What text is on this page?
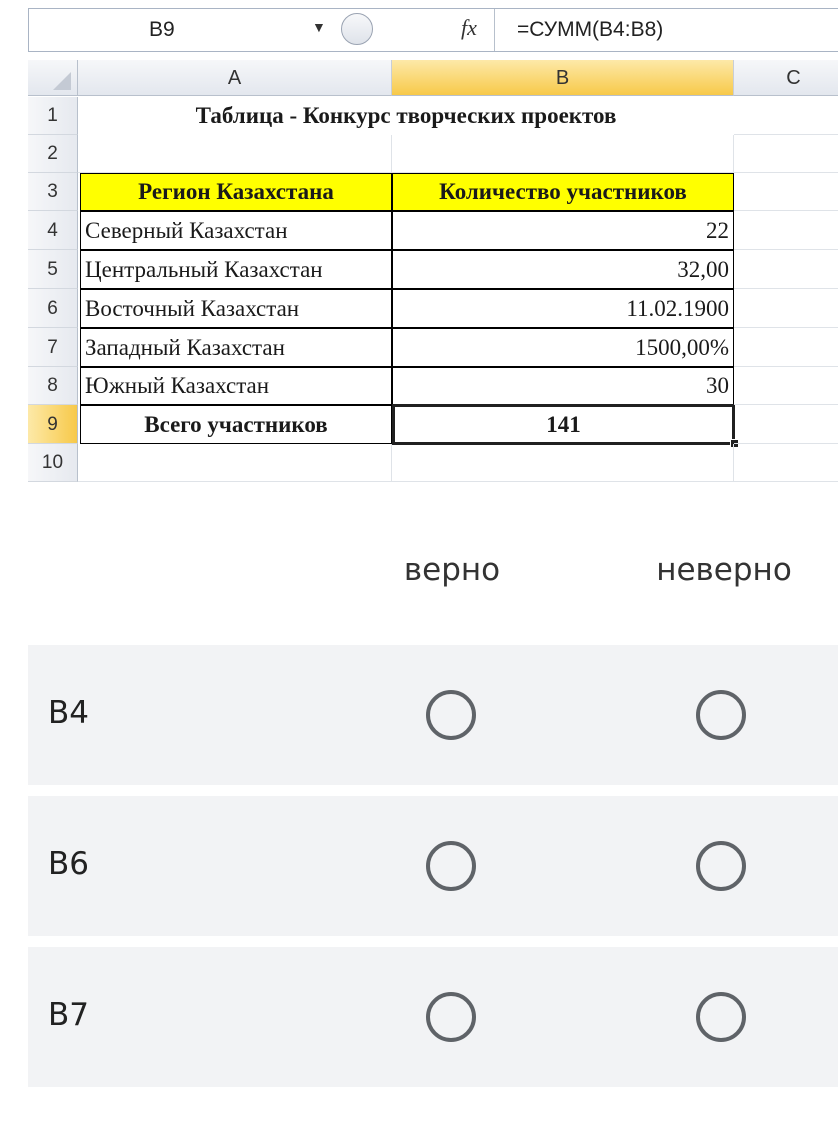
B9	▼	fx =СУММ(B4:B8)
A	B	C
1
2
3
4
5
6
7
8
9
10
Таблица - Конкурс творческих проектов
Регион Казахстана	Количество участников
Северный Казахстан	22
Центральный Казахстан	32,00
Восточный Казахстан	11.02.1900
Западный Казахстан	1500,00%
Южный Казахстан	30
Всего участников	141
верно	неверно
B4
B6
B7
